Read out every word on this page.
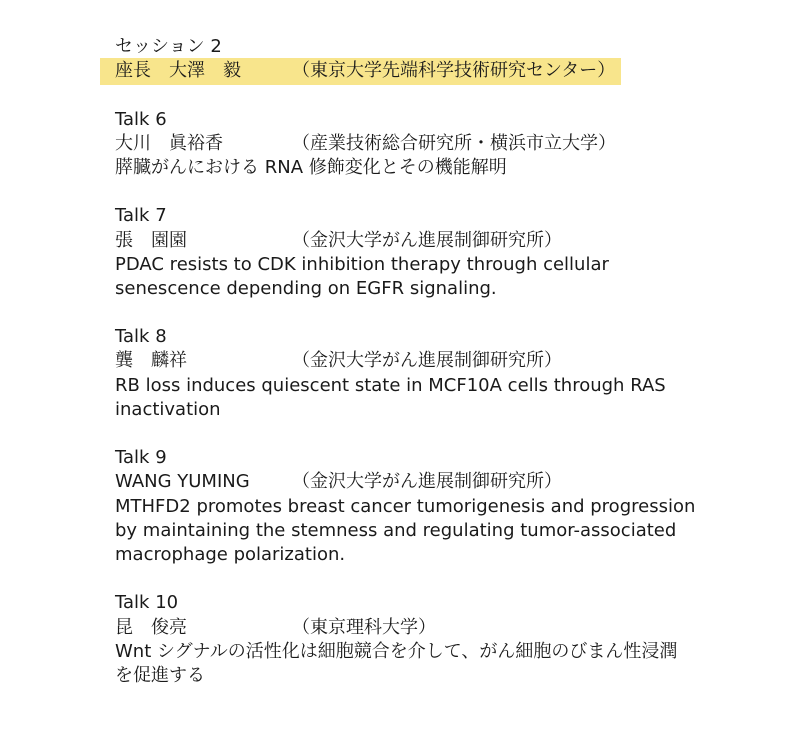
セッション 2
座長　大澤　毅	（東京大学先端科学技術研究センター）
Talk 6
大川　眞裕香	（産業技術総合研究所・横浜市立大学）
膵臓がんにおける RNA 修飾変化とその機能解明
Talk 7
張　園園	（金沢大学がん進展制御研究所）
PDAC resists to CDK inhibition therapy through cellular
senescence depending on EGFR signaling.
Talk 8
龔　麟祥	（金沢大学がん進展制御研究所）
RB loss induces quiescent state in MCF10A cells through RAS
inactivation
Talk 9
WANG YUMING （金沢大学がん進展制御研究所）
MTHFD2 promotes breast cancer tumorigenesis and progression
by maintaining the stemness and regulating tumor-associated
macrophage polarization.
Talk 10
昆　俊亮	（東京理科大学）
Wnt シグナルの活性化は細胞競合を介して、がん細胞のびまん性浸潤
を促進する
